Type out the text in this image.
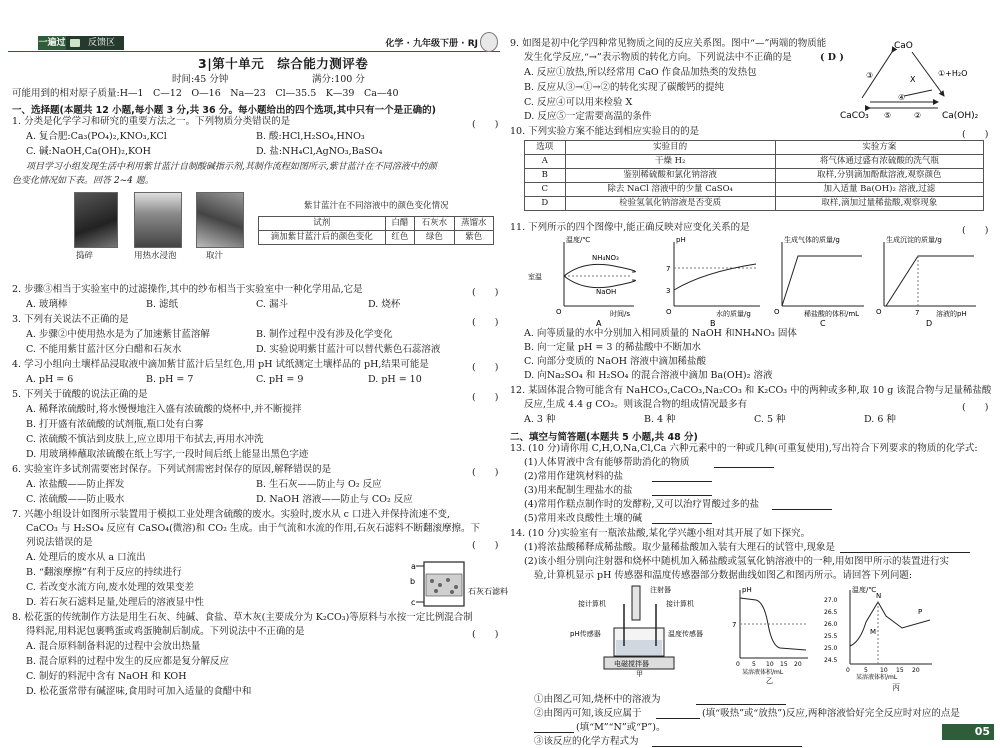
一遍过	反馈区	化学 · 九年级下册 · RJ
3|第十单元　综合能力测评卷
时间:45 分钟	满分:100 分
可能用到的相对原子质量:H—1　C—12　O—16　Na—23　Cl—35.5　K—39　Ca—40
一、选择题(本题共 12 小题,每小题 3 分,共 36 分。每小题给出的四个选项,其中只有一个是正确的)
1. 分类是化学学习和研究的重要方法之一。下列物质分类错误的是	(　　)
A. 复合肥:Ca₃(PO₄)₂,KNO₃,KCl	B. 酸:HCl,H₂SO₄,HNO₃
C. 碱:NaOH,Ca(OH)₂,KOH	D. 盐:NH₄Cl,AgNO₃,BaSO₄
项目学习小组发现生活中利用紫甘蓝汁自制酸碱指示剂,其制作流程如图所示,紫甘蓝汁在不同溶液中的颜
色变化情况如下表。回答 2~4 题。
捣碎	用热水浸泡	取汁
紫甘蓝汁在不同溶液中的颜色变化情况
试剂	白醋	石灰水	蒸馏水
滴加紫甘蓝汁后的颜色变化	红色	绿色	紫色
2. 步骤③相当于实验室中的过滤操作,其中的纱布相当于实验室中一种化学用品,它是	(　　)
A. 玻璃棒	B. 滤纸	C. 漏斗	D. 烧杯
3. 下列有关说法不正确的是	(　　)
A. 步骤②中使用热水是为了加速紫甘蓝溶解	B. 制作过程中没有涉及化学变化
C. 不能用紫甘蓝汁区分白醋和石灰水	D. 实验说明紫甘蓝汁可以替代紫色石蕊溶液
4. 学习小组向土壤样品浸取液中滴加紫甘蓝汁后呈红色,用 pH 试纸测定土壤样品的 pH,结果可能是	(　　)
A. pH = 6	B. pH = 7	C. pH = 9	D. pH = 10
5. 下列关于硫酸的说法正确的是	(　　)
A. 稀释浓硫酸时,将水慢慢地注入盛有浓硫酸的烧杯中,并不断搅拌
B. 打开盛有浓硫酸的试剂瓶,瓶口处有白雾
C. 浓硫酸不慎沾到皮肤上,应立即用干布拭去,再用水冲洗
D. 用玻璃棒蘸取浓硫酸在纸上写字,一段时间后纸上能显出黑色字迹
6. 实验室许多试剂需要密封保存。下列试剂需密封保存的原因,解释错误的是	(　　)
A. 浓盐酸——防止挥发	B. 生石灰——防止与 O₂ 反应
C. 浓硫酸——防止吸水	D. NaOH 溶液——防止与 CO₂ 反应
7. 兴趣小组设计如图所示装置用于模拟工业处理含硫酸的废水。实验时,废水从 c 口进入并保持流速不变,
CaCO₃ 与 H₂SO₄ 反应有 CaSO₄(微溶)和 CO₂ 生成。由于气流和水流的作用,石灰石滤料不断翻滚摩擦。下
列说法错误的是	(　　)
A. 处理后的废水从 a 口流出
B. “翻滚摩擦”有利于反应的持续进行
C. 若改变水流方向,废水处理的效果变差
D. 若石灰石滤料足量,处理后的溶液显中性
a
b
c
石灰石滤料
8. 松花蛋的传统制作方法是用生石灰、纯碱、食盐、草木灰(主要成分为 K₂CO₃)等原料与水按一定比例混合制
得料泥,用料泥包裹鸭蛋或鸡蛋腌制后制成。下列说法中不正确的是	(　　)
A. 混合原料制备料泥的过程中会放出热量
B. 混合原料的过程中发生的反应都是复分解反应
C. 制好的料泥中含有 NaOH 和 KOH
D. 松花蛋常带有碱涩味,食用时可加入适量的食醋中和
9. 如图是初中化学四种常见物质之间的反应关系图。图中“—”两端的物质能
发生化学反应,“→”表示物质的转化方向。下列说法中不正确的是	( D )
A. 反应①放热,所以经常用 CaO 作食品加热类的发热包
B. 反应从③→①→②的转化实现了碳酸钙的提纯
C. 反应④可以用来检验 X
D. 反应⑤一定需要高温的条件
CaO
CaCO₃	Ca(OH)₂
①+H₂O
X
③
④
⑤	②
10. 下列实验方案不能达到相应实验目的的是	(　　)
选项	实验目的	实验方案
A	干燥 H₂	将气体通过盛有浓硫酸的洗气瓶
B	鉴别稀硫酸和氯化钠溶液	取样,分别滴加酚酞溶液,观察颜色
C	除去 NaCl 溶液中的少量 CaSO₄	加入适量 Ba(OH)₂ 溶液,过滤
D	检验氢氧化钠溶液是否变质	取样,滴加过量稀盐酸,观察现象
11. 下列所示的四个图像中,能正确反映对应变化关系的是	(　　)
温度/℃
室温
NH₄NO₃
NaOH
时间/s
O
A
pH
7
3
水的质量/g
O
B
生成气体的质量/g
稀盐酸的体积/mL
O
C
生成沉淀的质量/g
溶液的pH
O	7
D
A. 向等质量的水中分别加入相同质量的 NaOH 和NH₄NO₃ 固体
B. 向一定量 pH = 3 的稀盐酸中不断加水
C. 向部分变质的 NaOH 溶液中滴加稀盐酸
D. 向Na₂SO₄ 和 H₂SO₄ 的混合溶液中滴加 Ba(OH)₂ 溶液
12. 某固体混合物可能含有 NaHCO₃,CaCO₃,Na₂CO₃ 和 K₂CO₃ 中的两种或多种,取 10 g 该混合物与足量稀盐酸
反应,生成 4.4 g CO₂。则该混合物的组成情况最多有	(　　)
A. 3 种	B. 4 种	C. 5 种	D. 6 种
二、填空与简答题(本题共 5 小题,共 48 分)
13. (10 分)请你用 C,H,O,Na,Cl,Ca 六种元素中的一种或几种(可重复使用),写出符合下列要求的物质的化学式:
(1)人体胃液中含有能够帮助消化的物质
(2)常用作建筑材料的盐
(3)用来配制生理盐水的盐
(4)常用作糕点制作时的发酵粉,又可以治疗胃酸过多的盐
(5)常用来改良酸性土壤的碱
14. (10 分)实验室有一瓶浓盐酸,某化学兴趣小组对其开展了如下探究。
(1)将浓盐酸稀释成稀盐酸。取少量稀盐酸加入装有大理石的试管中,现象是
(2)该小组分别向注射器和烧杯中随机加入稀盐酸或氢氧化钠溶液中的一种,用如图甲所示的装置进行实
验,计算机显示 pH 传感器和温度传感器部分数据曲线如图乙和图丙所示。请回答下列问题:
注射器
接计算机	接计算机
pH传感器	温度传感器
电磁搅拌器
甲
pH
7
0 5 10 15 20
某溶液体积/mL
乙
温度/℃
27.0
26.5
26.0
25.5
25.0
24.5
M
N
P
0 5 10 15 20
某溶液体积/mL
丙
①由图乙可知,烧杯中的溶液为
②由图丙可知,该反应属于	(填“吸热”或“放热”)反应,两种溶液恰好完全反应时对应的点是
(填“M”“N”或“P”)。
③该反应的化学方程式为
05
